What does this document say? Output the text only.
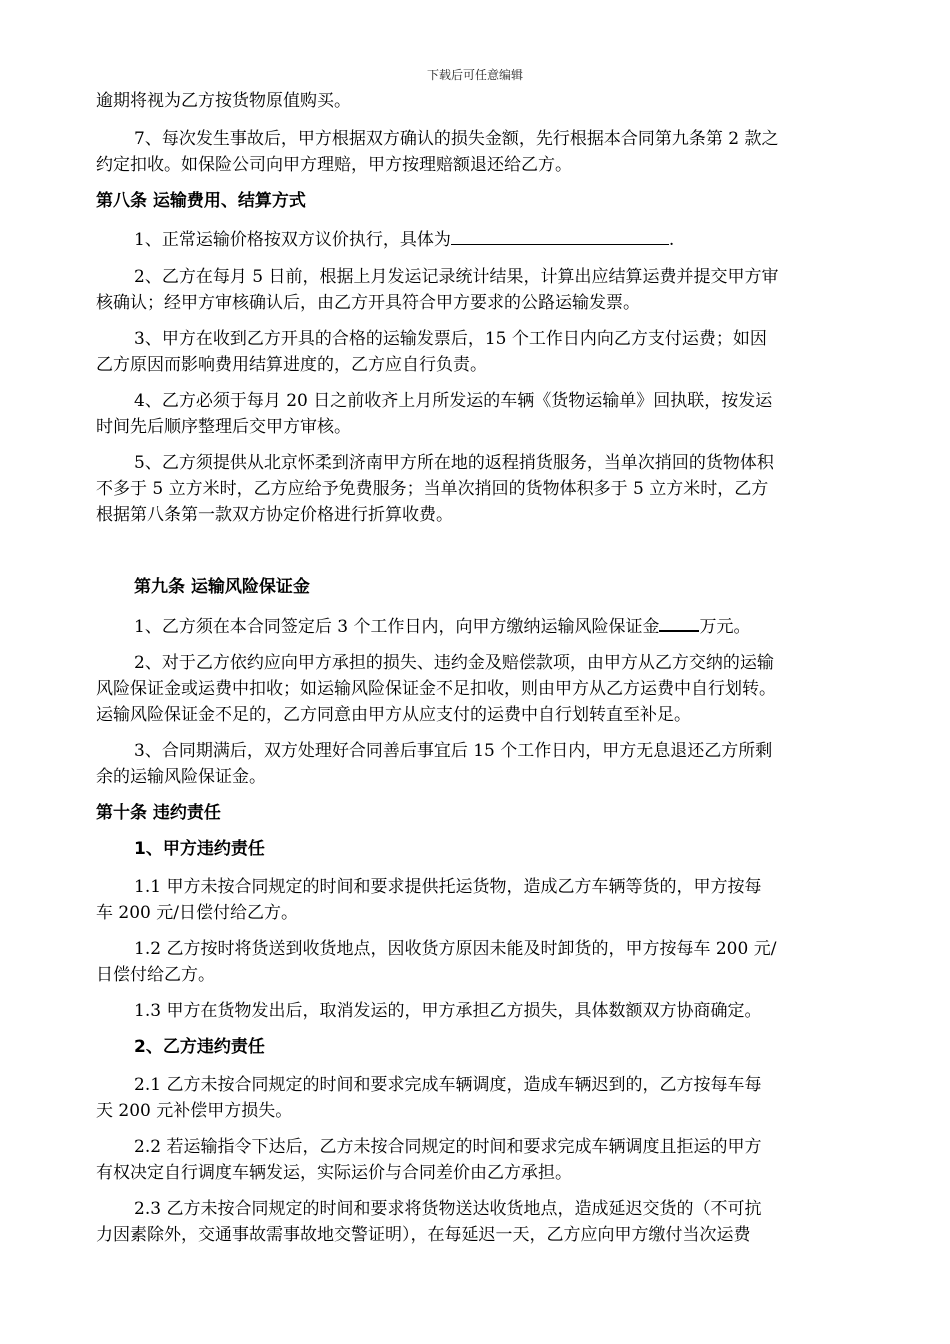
下载后可任意编辑
逾期将视为乙方按货物原值购买。
7、每次发生事故后，甲方根据双方确认的损失金额，先行根据本合同第九条第 2 款之
约定扣收。如保险公司向甲方理赔，甲方按理赔额退还给乙方。
第八条 运输费用、结算方式
1、正常运输价格按双方议价执行，具体为	.
2、乙方在每月 5 日前，根据上月发运记录统计结果，计算出应结算运费并提交甲方审
核确认；经甲方审核确认后，由乙方开具符合甲方要求的公路运输发票。
3、甲方在收到乙方开具的合格的运输发票后，15 个工作日内向乙方支付运费；如因
乙方原因而影响费用结算进度的，乙方应自行负责。
4、乙方必须于每月 20 日之前收齐上月所发运的车辆《货物运输单》回执联，按发运
时间先后顺序整理后交甲方审核。
5、乙方须提供从北京怀柔到济南甲方所在地的返程捎货服务，当单次捎回的货物体积
不多于 5 立方米时，乙方应给予免费服务；当单次捎回的货物体积多于 5 立方米时，乙方
根据第八条第一款双方协定价格进行折算收费。
第九条 运输风险保证金
1、乙方须在本合同签定后 3 个工作日内，向甲方缴纳运输风险保证金 万元。
2、对于乙方依约应向甲方承担的损失、违约金及赔偿款项，由甲方从乙方交纳的运输
风险保证金或运费中扣收；如运输风险保证金不足扣收，则由甲方从乙方运费中自行划转。
运输风险保证金不足的，乙方同意由甲方从应支付的运费中自行划转直至补足。
3、合同期满后，双方处理好合同善后事宜后 15 个工作日内，甲方无息退还乙方所剩
余的运输风险保证金。
第十条 违约责任
1、甲方违约责任
1.1 甲方未按合同规定的时间和要求提供托运货物，造成乙方车辆等货的，甲方按每
车 200 元/日偿付给乙方。
1.2 乙方按时将货送到收货地点，因收货方原因未能及时卸货的，甲方按每车 200 元/
日偿付给乙方。
1.3 甲方在货物发出后，取消发运的，甲方承担乙方损失，具体数额双方协商确定。
2、乙方违约责任
2.1 乙方未按合同规定的时间和要求完成车辆调度，造成车辆迟到的，乙方按每车每
天 200 元补偿甲方损失。
2.2 若运输指令下达后，乙方未按合同规定的时间和要求完成车辆调度且拒运的甲方
有权决定自行调度车辆发运，实际运价与合同差价由乙方承担。
2.3 乙方未按合同规定的时间和要求将货物送达收货地点，造成延迟交货的（不可抗
力因素除外，交通事故需事故地交警证明），在每延迟一天，乙方应向甲方缴付当次运费
